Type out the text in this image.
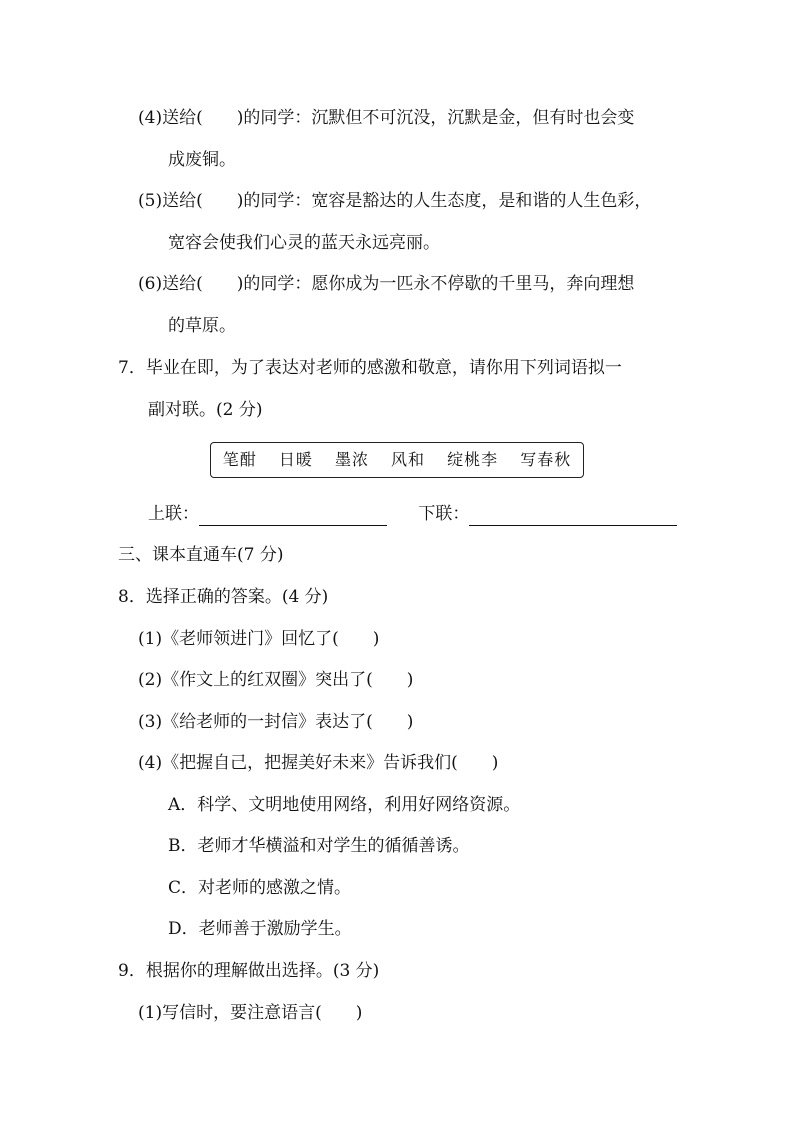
(4)送给(　　)的同学：沉默但不可沉没，沉默是金，但有时也会变
成废铜。
(5)送给(　　)的同学：宽容是豁达的人生态度，是和谐的人生色彩，
宽容会使我们心灵的蓝天永远亮丽。
(6)送给(　　)的同学：愿你成为一匹永不停歇的千里马，奔向理想
的草原。
7．毕业在即，为了表达对老师的感激和敬意，请你用下列词语拟一
副对联。(2 分)
笔酣 日暖 墨浓 风和 绽桃李 写春秋
上联：	下联：
三、课本直通车(7 分)
8．选择正确的答案。(4 分)
(1)《老师领进门》回忆了(　　)
(2)《作文上的红双圈》突出了(　　)
(3)《给老师的一封信》表达了(　　)
(4)《把握自己，把握美好未来》告诉我们(　　)
A．科学、文明地使用网络，利用好网络资源。
B．老师才华横溢和对学生的循循善诱。
C．对老师的感激之情。
D．老师善于激励学生。
9．根据你的理解做出选择。(3 分)
(1)写信时，要注意语言(　　)
